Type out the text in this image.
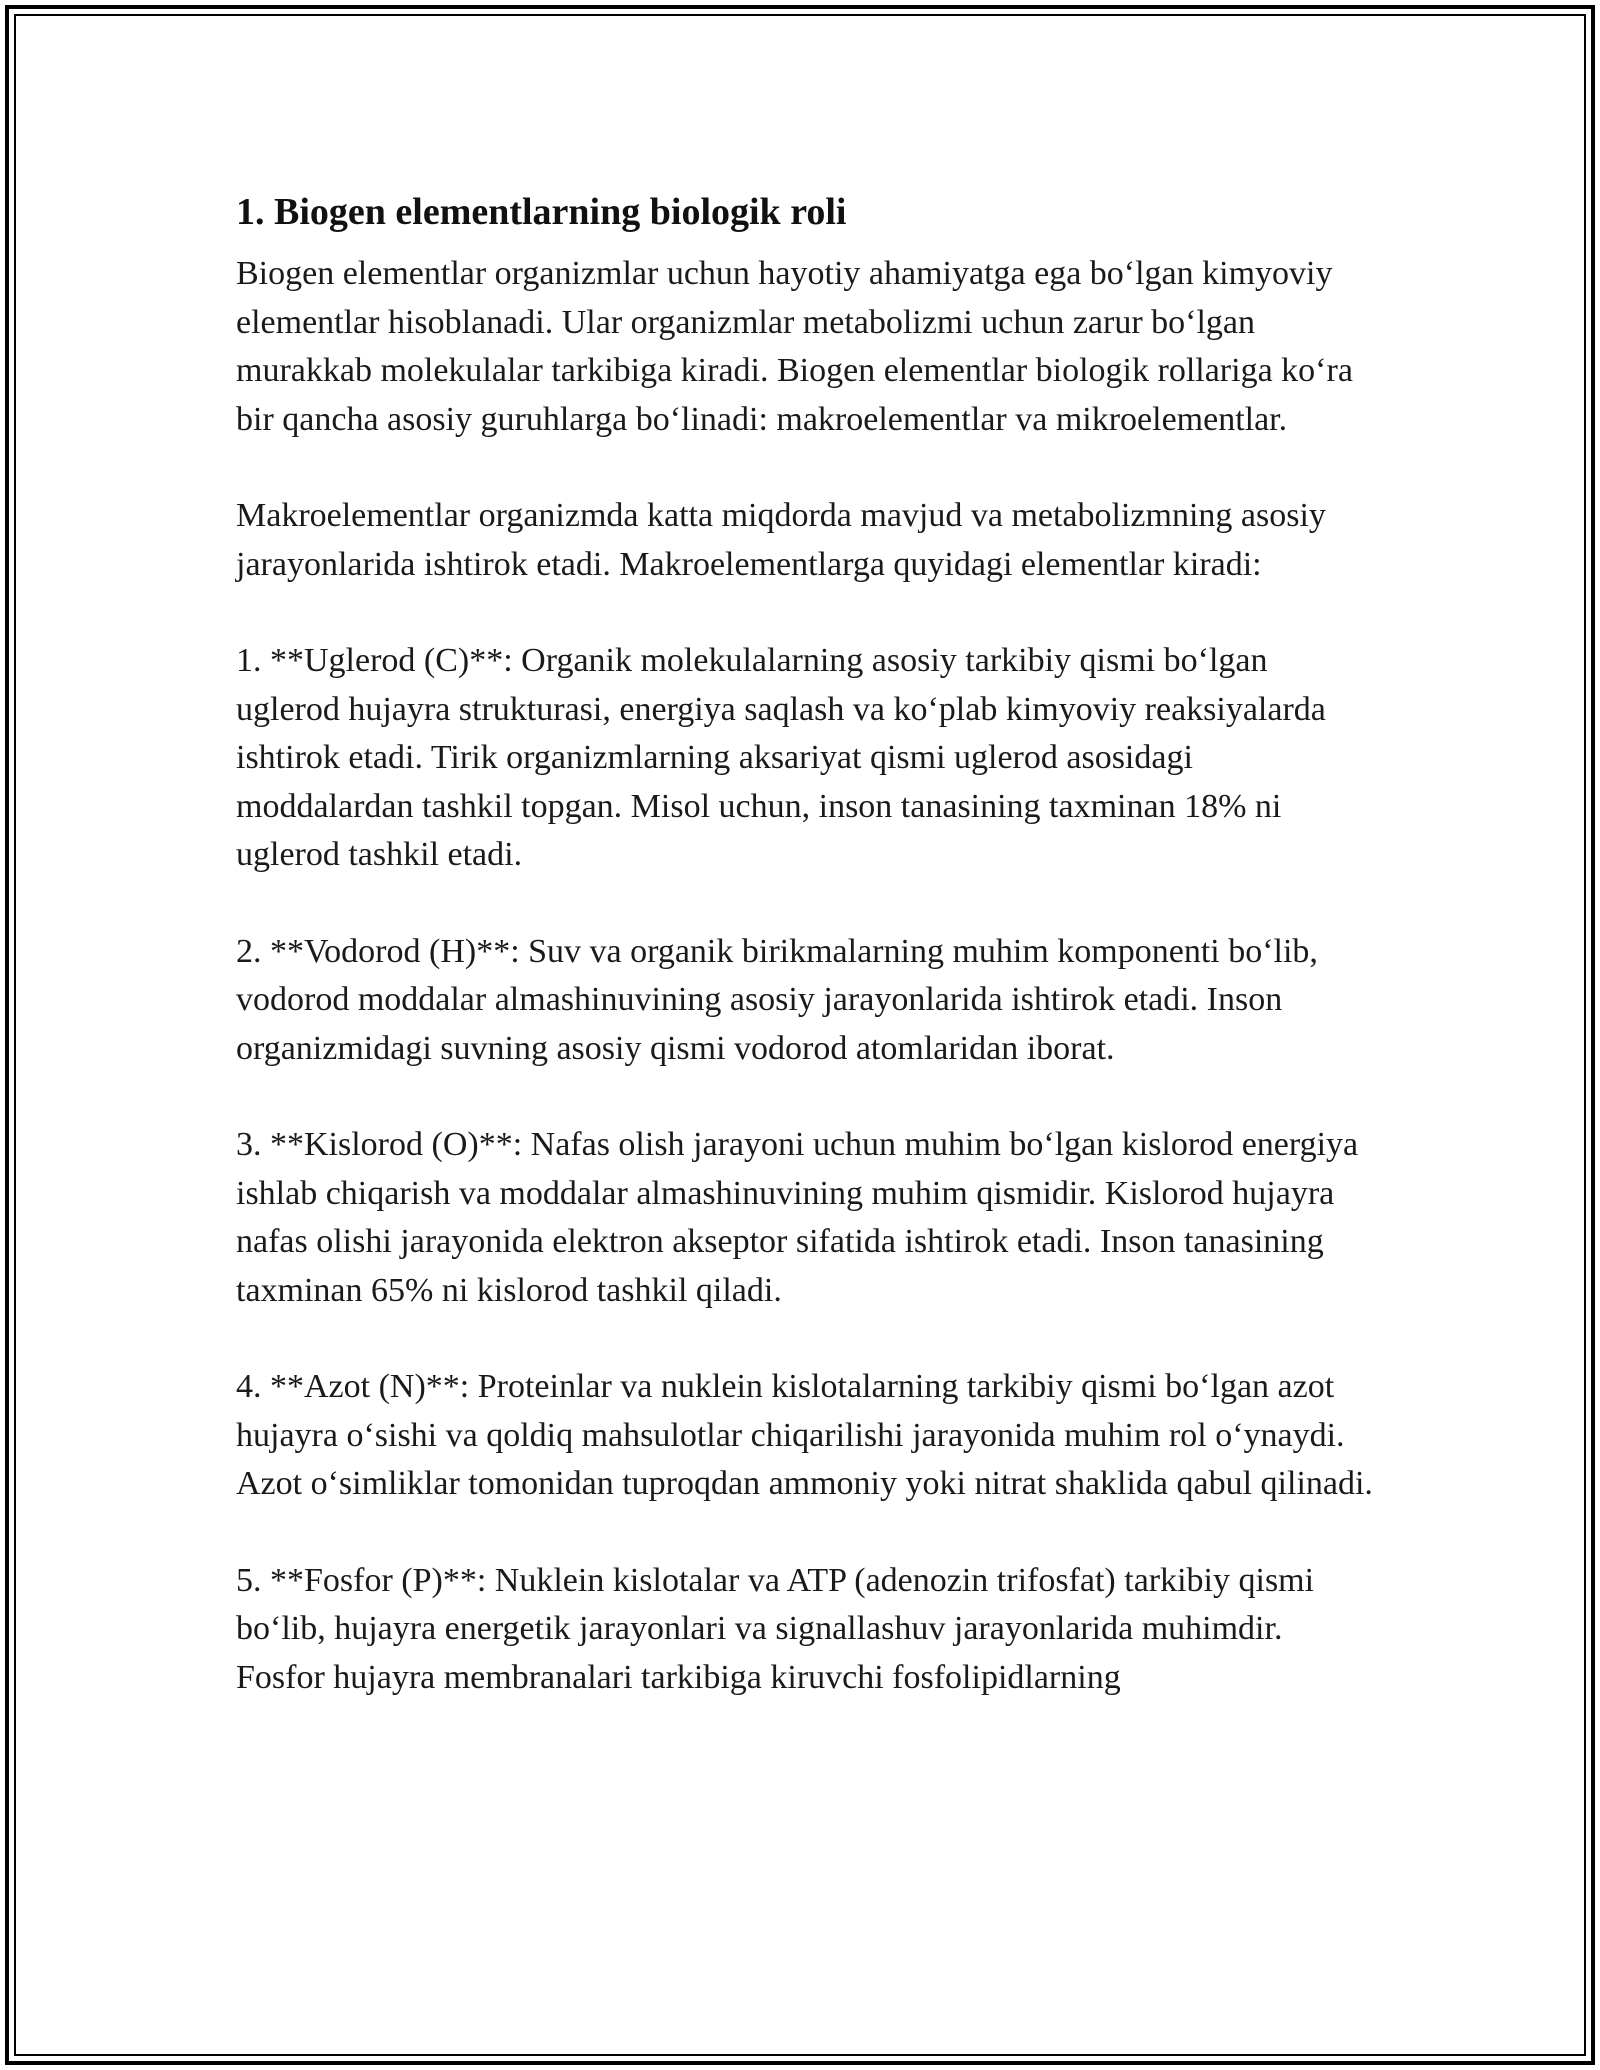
1. Biogen elementlarning biologik roli

Biogen elementlar organizmlar uchun hayotiy ahamiyatga ega bo‘lgan kimyoviy elementlar hisoblanadi. Ular organizmlar metabolizmi uchun zarur bo‘lgan murakkab molekulalar tarkibiga kiradi. Biogen elementlar biologik rollariga ko‘ra bir qancha asosiy guruhlarga bo‘linadi: makroelementlar va mikroelementlar.

Makroelementlar organizmda katta miqdorda mavjud va metabolizmning asosiy jarayonlarida ishtirok etadi. Makroelementlarga quyidagi elementlar kiradi:

1. **Uglerod (C)**: Organik molekulalarning asosiy tarkibiy qismi bo‘lgan uglerod hujayra strukturasi, energiya saqlash va ko‘plab kimyoviy reaksiyalarda ishtirok etadi. Tirik organizmlarning aksariyat qismi uglerod asosidagi moddalardan tashkil topgan. Misol uchun, inson tanasining taxminan 18% ni uglerod tashkil etadi.

2. **Vodorod (H)**: Suv va organik birikmalarning muhim komponenti bo‘lib, vodorod moddalar almashinuvining asosiy jarayonlarida ishtirok etadi. Inson organizmidagi suvning asosiy qismi vodorod atomlaridan iborat.

3. **Kislorod (O)**: Nafas olish jarayoni uchun muhim bo‘lgan kislorod energiya ishlab chiqarish va moddalar almashinuvining muhim qismidir. Kislorod hujayra nafas olishi jarayonida elektron akseptor sifatida ishtirok etadi. Inson tanasining taxminan 65% ni kislorod tashkil qiladi.

4. **Azot (N)**: Proteinlar va nuklein kislotalarning tarkibiy qismi bo‘lgan azot hujayra o‘sishi va qoldiq mahsulotlar chiqarilishi jarayonida muhim rol o‘ynaydi. Azot o‘simliklar tomonidan tuproqdan ammoniy yoki nitrat shaklida qabul qilinadi.

5. **Fosfor (P)**: Nuklein kislotalar va ATP (adenozin trifosfat) tarkibiy qismi bo‘lib, hujayra energetik jarayonlari va signallashuv jarayonlarida muhimdir. Fosfor hujayra membranalari tarkibiga kiruvchi fosfolipidlarning
